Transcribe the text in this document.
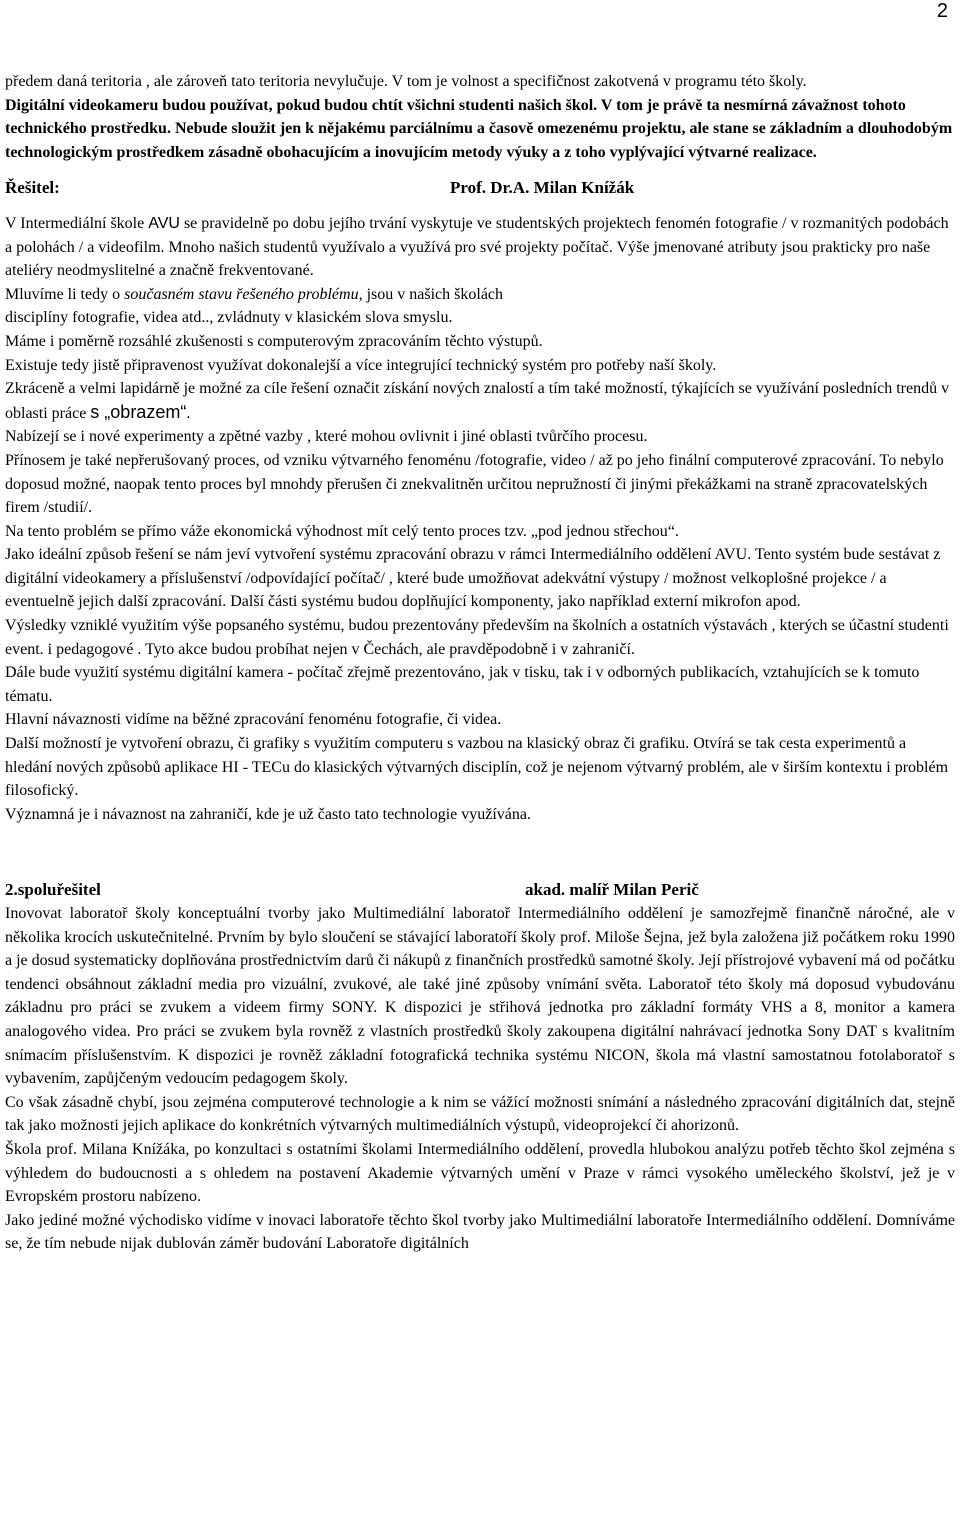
2

předem daná teritoria , ale zároveň tato teritoria nevylučuje. V tom je volnost a specifičnost zakotvená v programu této školy.

Digitální videokameru budou používat, pokud budou chtít všichni studenti našich škol. V tom je právě ta nesmírná závažnost tohoto technického prostředku. Nebude sloužit jen k nějakému parciálnímu a časově omezenému projektu, ale stane se základním a dlouhodobým technologickým prostředkem zásadně obohacujícím a inovujícím metody výuky a z toho vyplývající výtvarné realizace.

Řešitel:	Prof. Dr.A. Milan Knížák

V Intermediální škole AVU se pravidelně po dobu jejího trvání vyskytuje ve studentských projektech fenomén fotografie / v rozmanitých podobách a polohách / a videofilm. Mnoho našich studentů využívalo a využívá pro své projekty počítač. Výše jmenované atributy jsou prakticky pro naše ateliéry neodmyslitelné a značně frekventované.

Mluvíme li tedy o současném stavu řešeného problému, jsou v našich školách

disciplíny fotografie, videa atd.., zvládnuty v klasickém slova smyslu.

Máme i poměrně rozsáhlé zkušenosti s computerovým zpracováním těchto výstupů.

Existuje tedy jistě připravenost využívat dokonalejší a více integrující technický systém pro potřeby naší školy.

Zkráceně a velmi lapidárně je možné za cíle řešení označit získání nových znalostí a tím také možností, týkajících se využívání posledních trendů v oblasti práce s „obrazem“.

Nabízejí se i nové experimenty a zpětné vazby , které mohou ovlivnit i jiné oblasti tvůrčího procesu.

Přínosem je také nepřerušovaný proces, od vzniku výtvarného fenoménu /fotografie, video / až po jeho finální computerové zpracování. To nebylo doposud možné, naopak tento proces byl mnohdy přerušen či znekvalitněn určitou nepružností či jinými překážkami na straně zpracovatelských firem /studií/.

Na tento problém se přímo váže ekonomická výhodnost mít celý tento proces tzv. „pod jednou střechou“.

Jako ideální způsob řešení se nám jeví vytvoření systému zpracování obrazu v rámci Intermediálního oddělení AVU. Tento systém bude sestávat z digitální videokamery a příslušenství /odpovídající počítač/ , které bude umožňovat adekvátní výstupy / možnost velkoplošné projekce / a eventuelně jejich další zpracování. Další části systému budou doplňující komponenty, jako například externí mikrofon apod.

Výsledky vzniklé využitím výše popsaného systému, budou prezentovány především na školních a ostatních výstavách , kterých se účastní studenti event. i pedagogové . Tyto akce budou probíhat nejen v Čechách, ale pravděpodobně i v zahraničí.

Dále bude využití systému digitální kamera - počítač zřejmě prezentováno, jak v tisku, tak i v odborných publikacích, vztahujících se k tomuto tématu.

Hlavní návaznosti vidíme na běžné zpracování fenoménu fotografie, či videa.

Další možností je vytvoření obrazu, či grafiky s využitím computeru s vazbou na klasický obraz či grafiku. Otvírá se tak cesta experimentů a hledání nových způsobů aplikace HI - TECu do klasických výtvarných disciplín, což je nejenom výtvarný problém, ale v širším kontextu i problém filosofický.

Významná je i návaznost na zahraničí, kde je už často tato technologie využívána.

2.spoluřešitel	akad. malíř Milan Perič

Inovovat laboratoř školy konceptuální tvorby jako Multimediální laboratoř Intermediálního oddělení je samozřejmě finančně náročné, ale v několika krocích uskutečnitelné. Prvním by bylo sloučení se stávající laboratoří školy prof. Miloše Šejna, jež byla založena již počátkem roku 1990 a je dosud systematicky doplňována prostřednictvím darů či nákupů z finančních prostředků samotné školy. Její přístrojové vybavení má od počátku tendenci obsáhnout základní media pro vizuální, zvukové, ale také jiné způsoby vnímání světa. Laboratoř této školy má doposud vybudovánu základnu pro práci se zvukem a videem firmy SONY. K dispozici je střihová jednotka pro základní formáty VHS a 8, monitor a kamera analogového videa. Pro práci se zvukem byla rovněž z vlastních prostředků školy zakoupena digitální nahrávací jednotka Sony DAT s kvalitním snímacím příslušenstvím. K dispozici je rovněž základní fotografická technika systému NICON, škola má vlastní samostatnou fotolaboratoř s vybavením, zapůjčeným vedoucím pedagogem školy.

Co však zásadně chybí, jsou zejména computerové technologie a k nim se vážící možnosti snímání a následného zpracování digitálních dat, stejně tak jako možnosti jejich aplikace do konkrétních výtvarných multimediálních výstupů, videoprojekcí či ahorizonů.

Škola prof. Milana Knížáka, po konzultaci s ostatními školami Intermediálního oddělení, provedla hlubokou analýzu potřeb těchto škol zejména s výhledem do budoucnosti a s ohledem na postavení Akademie výtvarných umění v Praze v rámci vysokého uměleckého školství, jež je v Evropském prostoru nabízeno.

Jako jediné možné východisko vidíme v inovaci laboratoře těchto škol tvorby jako Multimediální laboratoře Intermediálního oddělení. Domníváme se, že tím nebude nijak dublován záměr budování Laboratoře digitálních
